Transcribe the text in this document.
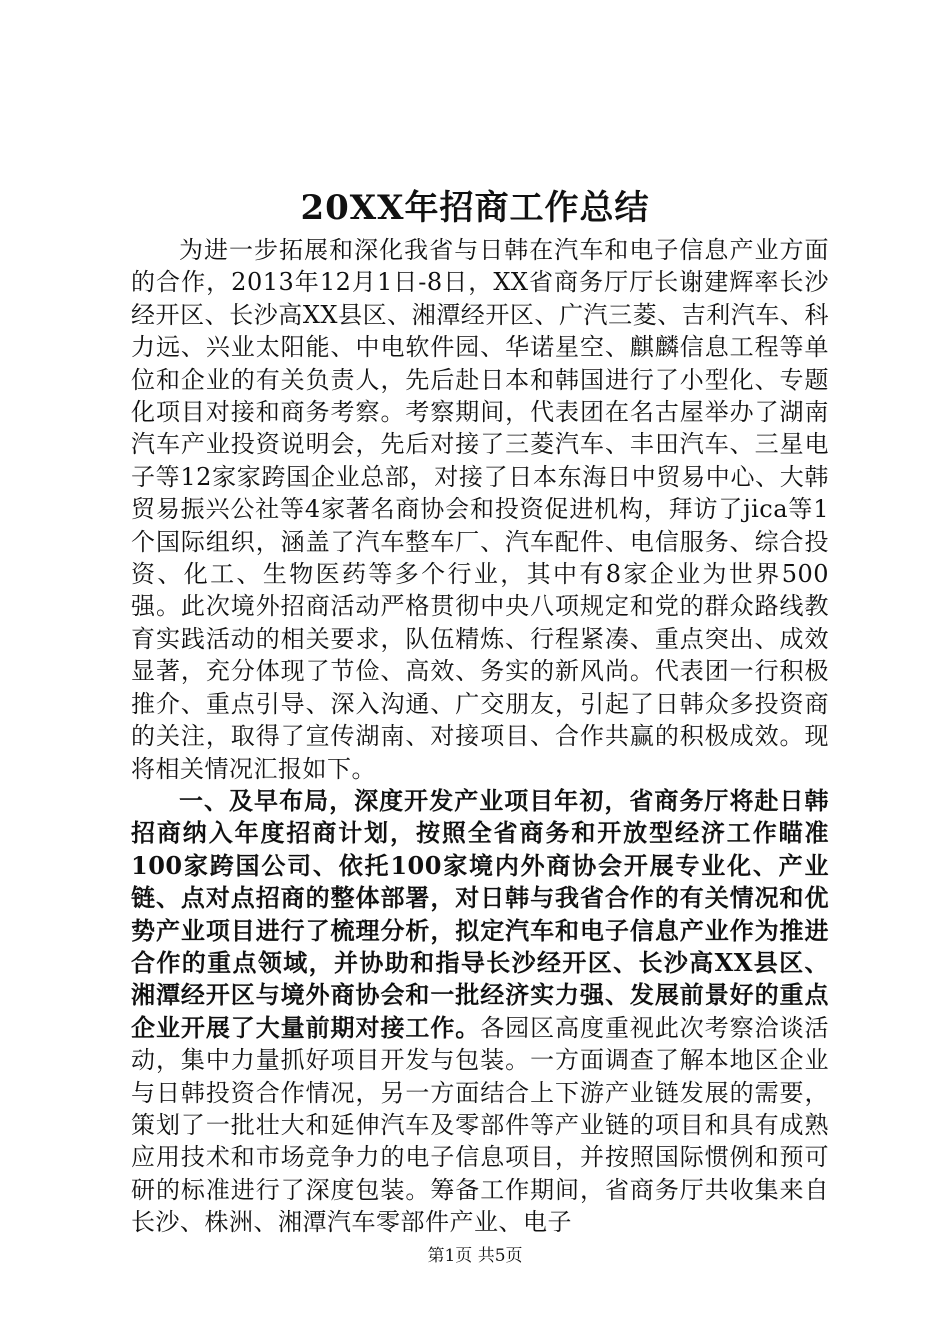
20XX年招商工作总结

为进一步拓展和深化我省与日韩在汽车和电子信息产业方面的合作，2013年12月1日-8日，XX省商务厅厅长谢建辉率长沙经开区、长沙高XX县区、湘潭经开区、广汽三菱、吉利汽车、科力远、兴业太阳能、中电软件园、华诺星空、麒麟信息工程等单位和企业的有关负责人，先后赴日本和韩国进行了小型化、专题化项目对接和商务考察。考察期间，代表团在名古屋举办了湖南汽车产业投资说明会，先后对接了三菱汽车、丰田汽车、三星电子等12家家跨国企业总部，对接了日本东海日中贸易中心、大韩贸易振兴公社等4家著名商协会和投资促进机构，拜访了jica等1个国际组织，涵盖了汽车整车厂、汽车配件、电信服务、综合投资、化工、生物医药等多个行业，其中有8家企业为世界500强。此次境外招商活动严格贯彻中央八项规定和党的群众路线教育实践活动的相关要求，队伍精炼、行程紧凑、重点突出、成效显著，充分体现了节俭、高效、务实的新风尚。代表团一行积极推介、重点引导、深入沟通、广交朋友，引起了日韩众多投资商的关注，取得了宣传湖南、对接项目、合作共赢的积极成效。现将相关情况汇报如下。

一、及早布局，深度开发产业项目年初，省商务厅将赴日韩招商纳入年度招商计划，按照全省商务和开放型经济工作瞄准100家跨国公司、依托100家境内外商协会开展专业化、产业链、点对点招商的整体部署，对日韩与我省合作的有关情况和优势产业项目进行了梳理分析，拟定汽车和电子信息产业作为推进合作的重点领域，并协助和指导长沙经开区、长沙高XX县区、湘潭经开区与境外商协会和一批经济实力强、发展前景好的重点企业开展了大量前期对接工作。各园区高度重视此次考察洽谈活动，集中力量抓好项目开发与包装。一方面调查了解本地区企业与日韩投资合作情况，另一方面结合上下游产业链发展的需要，策划了一批壮大和延伸汽车及零部件等产业链的项目和具有成熟应用技术和市场竞争力的电子信息项目，并按照国际惯例和预可研的标准进行了深度包装。筹备工作期间，省商务厅共收集来自长沙、株洲、湘潭汽车零部件产业、电子

第1页 共5页
